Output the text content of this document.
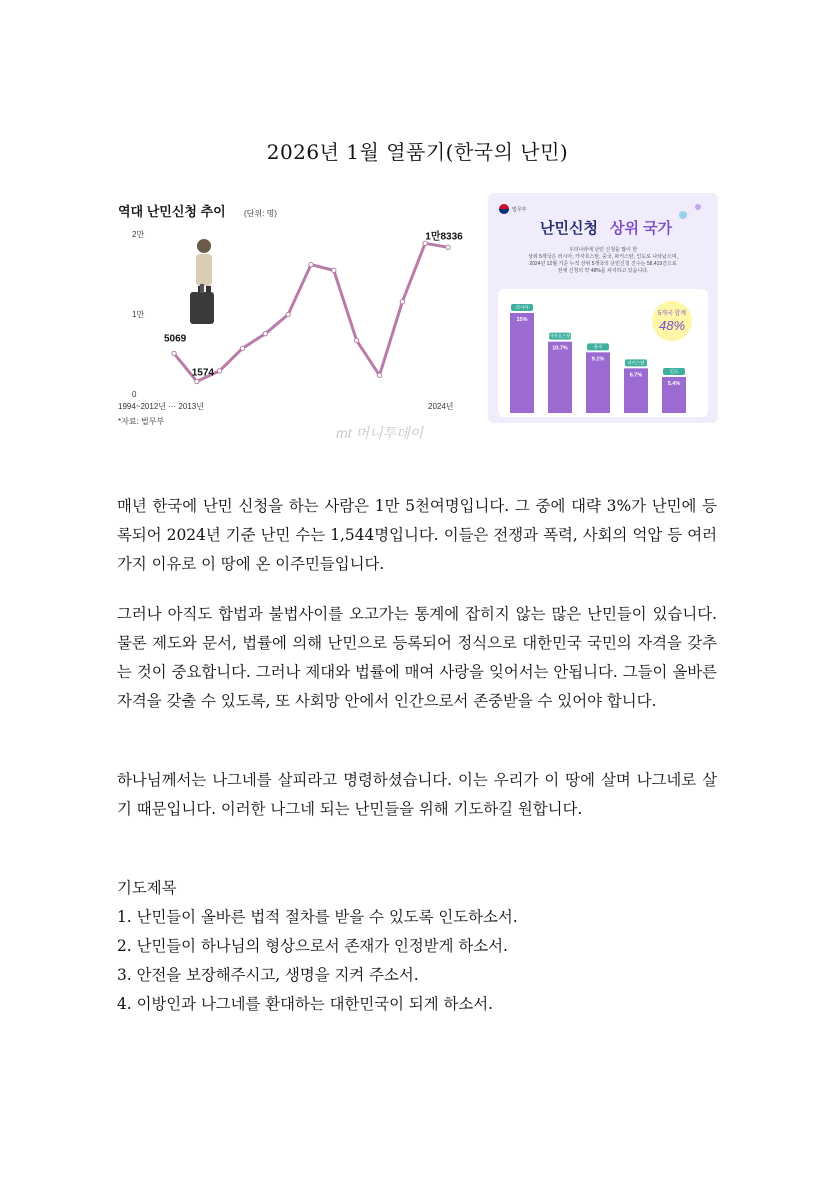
2026년 1월 열품기(한국의 난민)
역대 난민신청 추이 (단위: 명)
0
1만
2만
5069
1574
1만8336
1994~2012년 ··· 2013년	2024년
*자료: 법무부
mt 머니투데이
법무부
난민신청 상위 국가
우리나라에 난민 신청을 많이 한
상위 5개국은 러시아, 카자흐스탄, 중국, 파키스탄, 인도로 나타났으며,
2024년 12월 기준 누적 상위 5개국의 난민신청 건수는 58,419건으로
전체 신청의 약 48%를 차지하고 있습니다.
러시아
15%
카자흐스탄
10.7%	중국
9.1%
파키스탄
6.7%
인도
5.4%
5개국 합계
48%

매년 한국에 난민 신청을 하는 사람은 1만 5천여명입니다. 그 중에 대략 3%가 난민에 등록되어 2024년 기준 난민 수는 1,544명입니다. 이들은 전쟁과 폭력, 사회의 억압 등 여러가지 이유로 이 땅에 온 이주민들입니다.

그러나 아직도 합법과 불법사이를 오고가는 통계에 잡히지 않는 많은 난민들이 있습니다. 물론 제도와 문서, 법률에 의해 난민으로 등록되어 정식으로 대한민국 국민의 자격을 갖추는 것이 중요합니다. 그러나 제대와 법률에 매여 사랑을 잊어서는 안됩니다. 그들이 올바른 자격을 갖출 수 있도록, 또 사회망 안에서 인간으로서 존중받을 수 있어야 합니다.

하나님께서는 나그네를 살피라고 명령하셨습니다. 이는 우리가 이 땅에 살며 나그네로 살기 때문입니다. 이러한 나그네 되는 난민들을 위해 기도하길 원합니다.

기도제목
1. 난민들이 올바른 법적 절차를 받을 수 있도록 인도하소서.
2. 난민들이 하나님의 형상으로서 존재가 인정받게 하소서.
3. 안전을 보장해주시고, 생명을 지켜 주소서.
4. 이방인과 나그네를 환대하는 대한민국이 되게 하소서.
